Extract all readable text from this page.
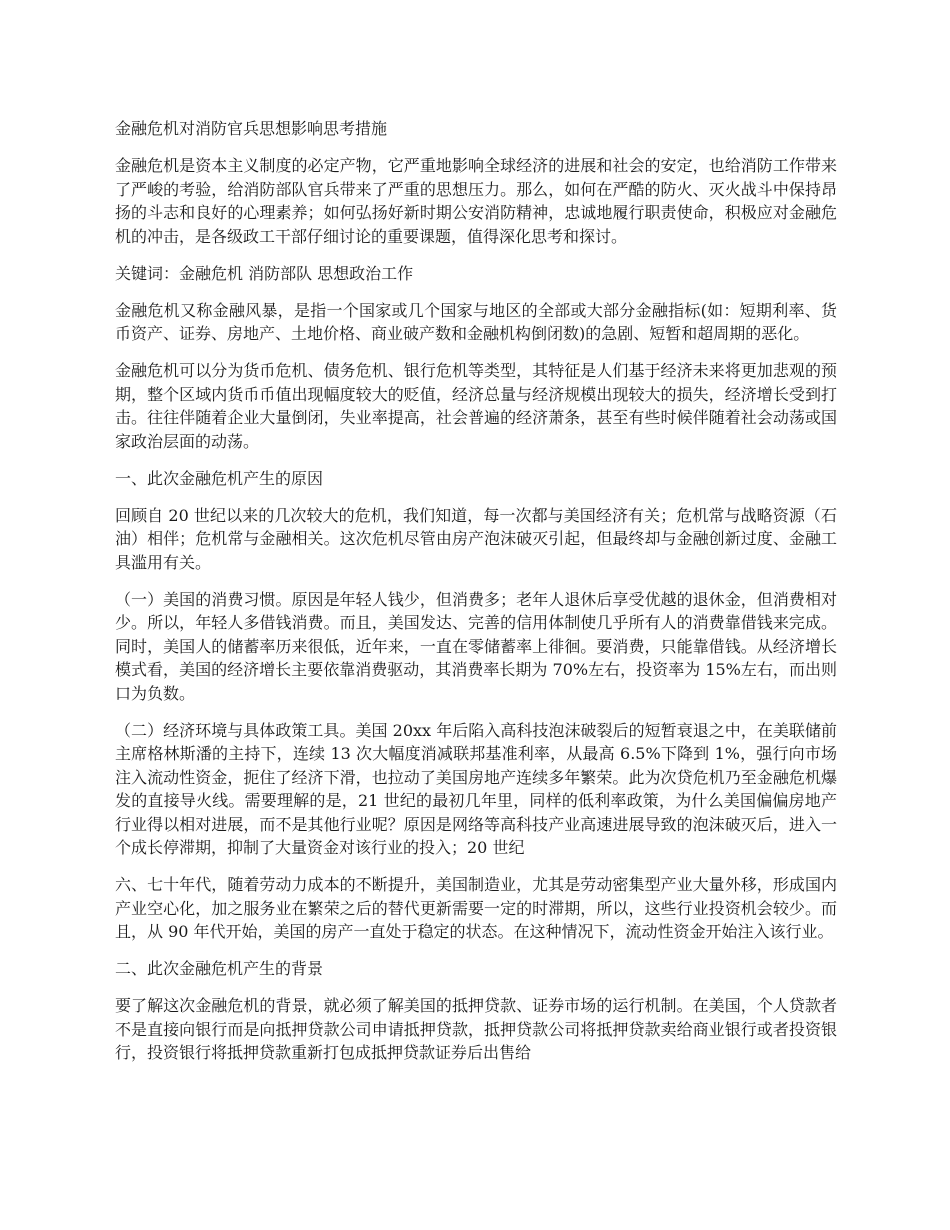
金融危机对消防官兵思想影响思考措施

金融危机是资本主义制度的必定产物，它严重地影响全球经济的进展和社会的安定，也给消防工作带来了严峻的考验，给消防部队官兵带来了严重的思想压力。那么，如何在严酷的防火、灭火战斗中保持昂扬的斗志和良好的心理素养；如何弘扬好新时期公安消防精神，忠诚地履行职责使命，积极应对金融危机的冲击，是各级政工干部仔细讨论的重要课题，值得深化思考和探讨。

关键词：金融危机 消防部队 思想政治工作

金融危机又称金融风暴，是指一个国家或几个国家与地区的全部或大部分金融指标(如：短期利率、货币资产、证券、房地产、土地价格、商业破产数和金融机构倒闭数)的急剧、短暂和超周期的恶化。

金融危机可以分为货币危机、债务危机、银行危机等类型，其特征是人们基于经济未来将更加悲观的预期，整个区域内货币币值出现幅度较大的贬值，经济总量与经济规模出现较大的损失，经济增长受到打击。往往伴随着企业大量倒闭，失业率提高，社会普遍的经济萧条，甚至有些时候伴随着社会动荡或国家政治层面的动荡。

一、此次金融危机产生的原因

回顾自 20 世纪以来的几次较大的危机，我们知道，每一次都与美国经济有关；危机常与战略资源（石油）相伴；危机常与金融相关。这次危机尽管由房产泡沫破灭引起，但最终却与金融创新过度、金融工具滥用有关。

（一）美国的消费习惯。原因是年轻人钱少，但消费多；老年人退休后享受优越的退休金，但消费相对少。所以，年轻人多借钱消费。而且，美国发达、完善的信用体制使几乎所有人的消费靠借钱来完成。同时，美国人的储蓄率历来很低，近年来，一直在零储蓄率上徘徊。要消费，只能靠借钱。从经济增长模式看，美国的经济增长主要依靠消费驱动，其消费率长期为 70%左右，投资率为 15%左右，而出则口为负数。

（二）经济环境与具体政策工具。美国 20xx 年后陷入高科技泡沫破裂后的短暂衰退之中，在美联储前主席格林斯潘的主持下，连续 13 次大幅度消减联邦基准利率，从最高 6.5%下降到 1%，强行向市场注入流动性资金，扼住了经济下滑，也拉动了美国房地产连续多年繁荣。此为次贷危机乃至金融危机爆发的直接导火线。需要理解的是，21 世纪的最初几年里，同样的低利率政策，为什么美国偏偏房地产行业得以相对进展，而不是其他行业呢？原因是网络等高科技产业高速进展导致的泡沫破灭后，进入一个成长停滞期，抑制了大量资金对该行业的投入；20 世纪

六、七十年代，随着劳动力成本的不断提升，美国制造业，尤其是劳动密集型产业大量外移，形成国内产业空心化，加之服务业在繁荣之后的替代更新需要一定的时滞期，所以，这些行业投资机会较少。而且，从 90 年代开始，美国的房产一直处于稳定的状态。在这种情况下，流动性资金开始注入该行业。

二、此次金融危机产生的背景

要了解这次金融危机的背景，就必须了解美国的抵押贷款、证券市场的运行机制。在美国，个人贷款者不是直接向银行而是向抵押贷款公司申请抵押贷款，抵押贷款公司将抵押贷款卖给商业银行或者投资银行，投资银行将抵押贷款重新打包成抵押贷款证券后出售给
